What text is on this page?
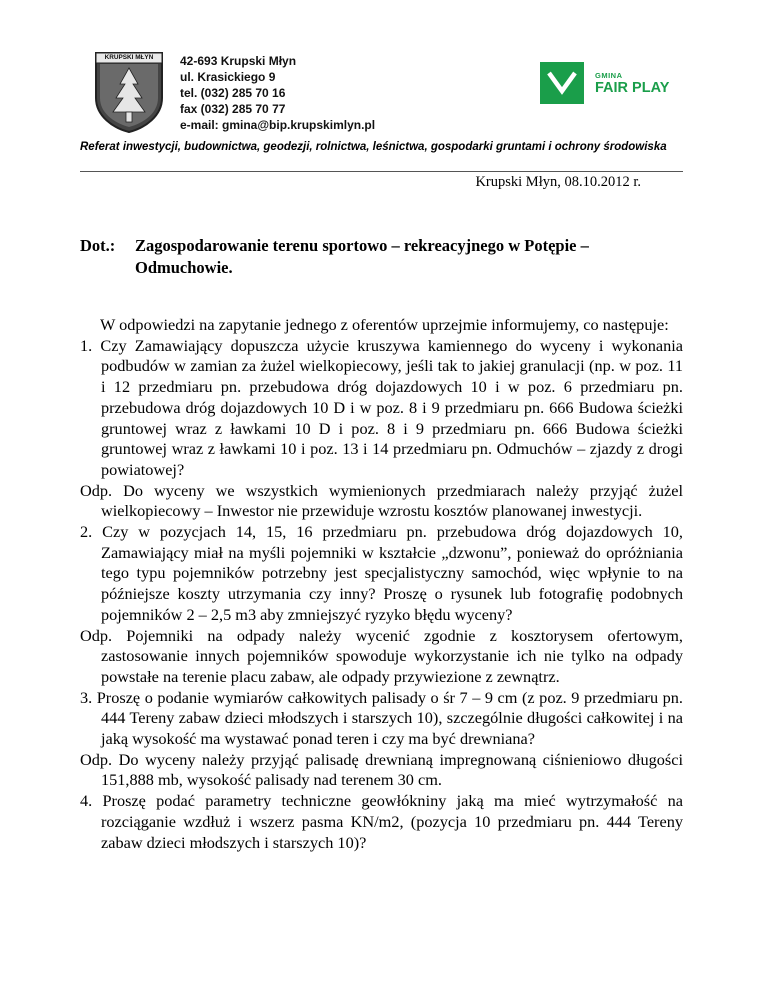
KRUPSKI MŁYN	42-693 Krupski Młyn
ul. Krasickiego 9
tel. (032) 285 70 16
fax (032) 285 70 77
e-mail: gmina@bip.krupskimlyn.pl
GMINA
FAIR PLAY
Referat inwestycji, budownictwa, geodezji, rolnictwa, leśnictwa, gospodarki gruntami i ochrony środowiska
Krupski Młyn, 08.10.2012 r.
Dot.:	Zagospodarowanie terenu sportowo – rekreacyjnego w Potępie –
Odmuchowie.
W odpowiedzi na zapytanie jednego z oferentów uprzejmie informujemy, co następuje:
1. Czy Zamawiający dopuszcza użycie kruszywa kamiennego do wyceny i wykonania podbudów w zamian za żużel wielkopiecowy, jeśli tak to jakiej granulacji (np. w poz. 11 i 12 przedmiaru pn. przebudowa dróg dojazdowych 10 i w poz. 6 przedmiaru pn. przebudowa dróg dojazdowych 10 D i w poz. 8 i 9 przedmiaru pn. 666 Budowa ścieżki gruntowej wraz z ławkami 10 D i poz. 8 i 9 przedmiaru pn. 666 Budowa ścieżki gruntowej wraz z ławkami 10 i poz. 13 i 14 przedmiaru pn. Odmuchów – zjazdy z drogi powiatowej?
Odp. Do wyceny we wszystkich wymienionych przedmiarach należy przyjąć żużel wielkopiecowy – Inwestor nie przewiduje wzrostu kosztów planowanej inwestycji.
2. Czy w pozycjach 14, 15, 16 przedmiaru pn. przebudowa dróg dojazdowych 10, Zamawiający miał na myśli pojemniki w kształcie „dzwonu”, ponieważ do opróżniania tego typu pojemników potrzebny jest specjalistyczny samochód, więc wpłynie to na późniejsze koszty utrzymania czy inny? Proszę o rysunek lub fotografię podobnych pojemników 2 – 2,5 m3 aby zmniejszyć ryzyko błędu wyceny?
Odp. Pojemniki na odpady należy wycenić zgodnie z kosztorysem ofertowym, zastosowanie innych pojemników spowoduje wykorzystanie ich nie tylko na odpady powstałe na terenie placu zabaw, ale odpady przywiezione z zewnątrz.
3. Proszę o podanie wymiarów całkowitych palisady o śr 7 – 9 cm (z poz. 9 przedmiaru pn. 444 Tereny zabaw dzieci młodszych i starszych 10), szczególnie długości całkowitej i na jaką wysokość ma wystawać ponad teren i czy ma być drewniana?
Odp. Do wyceny należy przyjąć palisadę drewnianą impregnowaną ciśnieniowo długości 151,888 mb, wysokość palisady nad terenem 30 cm.
4. Proszę podać parametry techniczne geowłókniny jaką ma mieć wytrzymałość na rozciąganie wzdłuż i wszerz pasma KN/m2, (pozycja 10 przedmiaru pn. 444 Tereny zabaw dzieci młodszych i starszych 10)?
